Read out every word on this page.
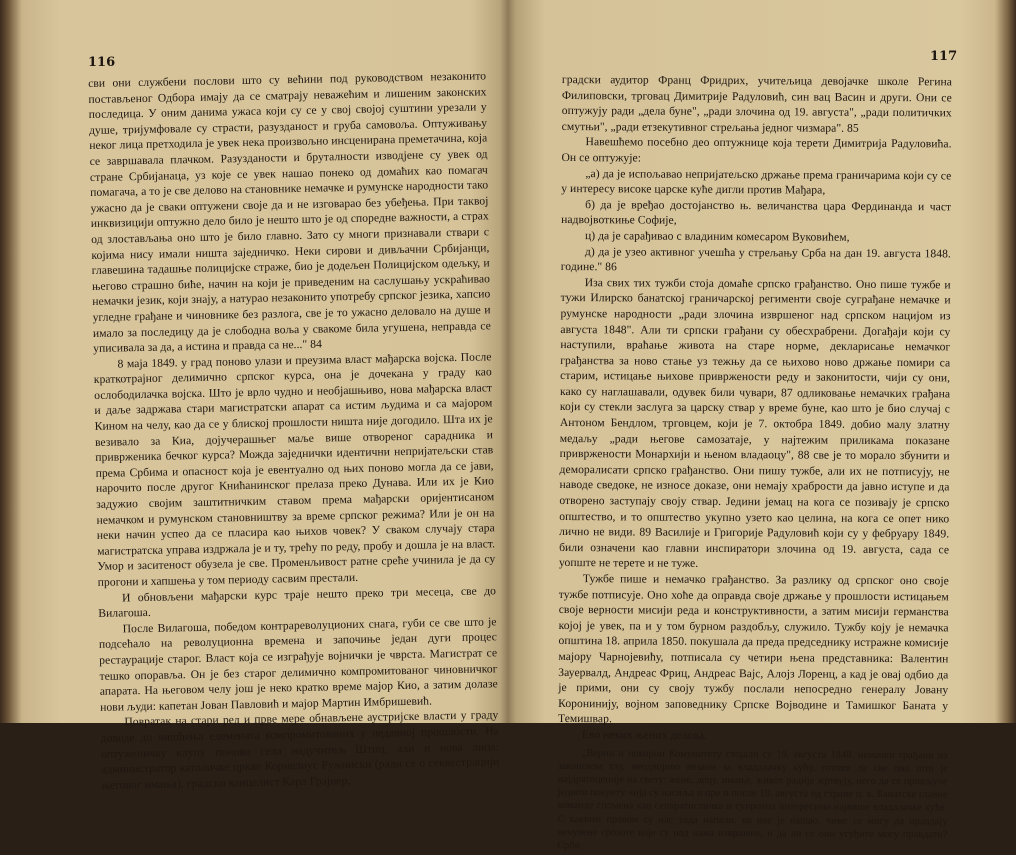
116

сви они службени послови што су већини под руководством незаконито постављеног Одбора имају да се сматрају неважећим и лишеним законских последица. У оним данима ужаса који су се у свој својој суштини урезали у душе, тријумфовале су страсти, разузданост и груба самовоља. Оптуживању неког лица претходила је увек нека произвољно инсценирана преметачина, која се завршавала плачком. Разузданости и бруталности изводјене су увек од стране Србијанаца, уз које се увек нашао понеко од домаћих као помагач помагача, а то је све делово на становнике немачке и румунске народности тако ужасно да је сваки оптужени своје да и не изговарао без убеђења. При таквој инквизицији оптужно дело било је нешто што је од споредне важности, а страх од злостављања оно што је било главно. Зато су многи признавали ствари с којима нису имали ништа заједничко. Неки сирови и дивљачни Србијанци, главешина тадашње полицијске страже, био је додељен Полицијском одељку, и његово страшно биће, начин на који је приведеним на саслушању ускраћивао немачки језик, који знају, а натурао незаконито употребу српског језика, хапсио угледне грађане и чиновнике без разлога, све је то ужасно деловало на душе и имало за последицу да је слободна воља у свакоме била угушена, неправда се уписивала за да, а истина и правда са не..." 84

8 маја 1849. у град поново улази и преузима власт мађарска војска. После краткотрајног делимично српског курса, она је дочекана у граду као ослободилачка војска. Што је врло чудно и необјашњиво, нова мађарска власт и даље задржава стари магистратски апарат са истим људима и са мајором Кином на челу, као да се у блиској прошлости ништа није догодило. Шта их је везивало за Киа, дојучерашњег маље више отвореног сарадника и привржeника бечког курса? Можда заједнички идентични непријатељски став према Србима и опасност која је евентуално од њих поново могла да се јави, нарочито после другог Книћанинског прелаза преко Дунава. Или их је Кио задужио својим заштитничким ставом према мађарски оријентисаном немачком и румунском становништву за време српског режима? Или је он на неки начин успео да се пласира као њихов човек? У сваком случају стара магистратска управа издржала је и ту, трећу по реду, пробу и дошла је на власт. Умор и заситеност обузела је све. Променљивост ратне среће учинила је да су прогони и хапшења у том периоду сасвим престали.

И обновљени мађарски курс траје нешто преко три месеца, све до Вилагоша.

После Вилагоша, победом контрареволуционих снага, губи се све што је подсећало на револуционна времена и започиње један дуги процес рестаурације старог. Власт која се изграђује војнички је чврста. Магистрат се тешко опоравља. Он је без старог делимично компромитованог чиновничког апарата. На његовом челу још је неко кратко време мајор Кио, а затим долазе нови људи: капетан Јован Павловић и мајор Мартин Имбришевић.

Повратак на стари ред и прве мере обнављене аустријске власти у граду доводе до чишћења елемената компромитованих у недавној прошлости. На оптуженичку клупу поново села надучитељ Штиц, али и нова лица: администратор католичке цркве Корнелиус Ружински (ради се о секвестрацији његовог имања), градски канцелист Карл Грајнер,

117

градски аудитор Франц Фридрих, учитељица девојачке школе Регина Филиповски, трговац Димитрије Радуловић, син вац Васин и други. Они се оптужују ради „дела буне", „ради злочина од 19. августа", „ради политичких смутњи", „ради етзекутивног стрељања једног чизмара". 85

Навешћемо посебно део оптужнице која терети Димитрија Радуловића. Он се оптужује:

„а) да је испољавао непријатељско држање према граничарима који су се у интересу високе царске куће дигли против Мађара,

б) да је вређао достојанство њ. величанства цара Фердинанда и част надвојвоткиње Софије,

ц) да је сарађивао с владиним комесаром Вуковићем,

д) да је узео активног учешћа у стрељању Срба на дан 19. августа 1848. године." 86

Иза свих тих тужби стоја домаће српско грађанство. Оно пише тужбе и тужи Илирско банатској граничарској регименти своје суграђане немачке и румунске народности „ради злочина извршеног над српском нацијом из августа 1848". Али ти српски грађани су обесхрабрени. Догађаји који су наступили, враћање живота на старе норме, декларисање немачког грађанства за ново стање уз тежњу да се њихово ново држање помири са старим, истицање њихове привржености реду и законитости, чији су они, како су наглашавали, одувек били чувари, 87 одликовање немачких грађана који су стекли заслуга за царску ствар у време буне, као што је био случај с Антоном Бендлом, трговцем, који је 7. октобра 1849. добио малу златну медаљу „ради његове самозатаје, у најтежим приликама показане привржености Монархији и њеном владаоцу", 88 све је то морало збунити и деморалисати српско грађанство. Они пишу тужбе, али их не потписују, не наводе сведоке, не износе доказе, они немају храбрости да јавно иступе и да отворено заступају своју ствар. Једини јемац на кога се позивају је српско општество, и то општество укупно узето као целина, на кога се опет нико лично не види. 89 Василије и Григорије Радуловић који су у фебруару 1849. били означени као главни инспиратори злочина од 19. августа, сада се уопште не терете и не туже.

Тужбе пише и немачко грађанство. За разлику од српског оно своје тужбе потписује. Оно хоће да оправда своје држање у прошлости истицањем своје верности мисији реда и конструктивности, а затим мисији германства којој је увек, па и у том бурном раздобљу, служило. Тужбу коју је немачка општина 18. априла 1850. покушала да преда председнику истражне комисије мајору Чарнојевићу, потписала су четири њена представника: Валентин Зауервалд, Андреас Фриц, Андреас Вајс, Алојз Лоренц, а кад је овај одбио да је прими, они су своју тужбу послали непосредно генералу Јовану Коронинију, војном заповеднику Српске Војводине и Тамишког Баната у Темишвар.

Ево неких њених делова.

„Верни и покорни Комунитету стојали су 19. августа 1848. немачки грађани на законском тлу, неодвојиво везани за владалачку кућу, готови да све оно што је најдрагоценије на свету: жене, децу, имање, живот радије жртвују, него да се прикључе једном покрету чија су насиља и пре и после 19. августа од стране ц. к. Банатске главне команде спомена као сепаратистичка и супротна интересима највише владалачке куће. С каквим правом су нас тада напали, ко нас је нашао, чиме се могу да правдају нечувене грозоте које су над нама извршене, и да ли се они усуђите могу правдати? Срби
